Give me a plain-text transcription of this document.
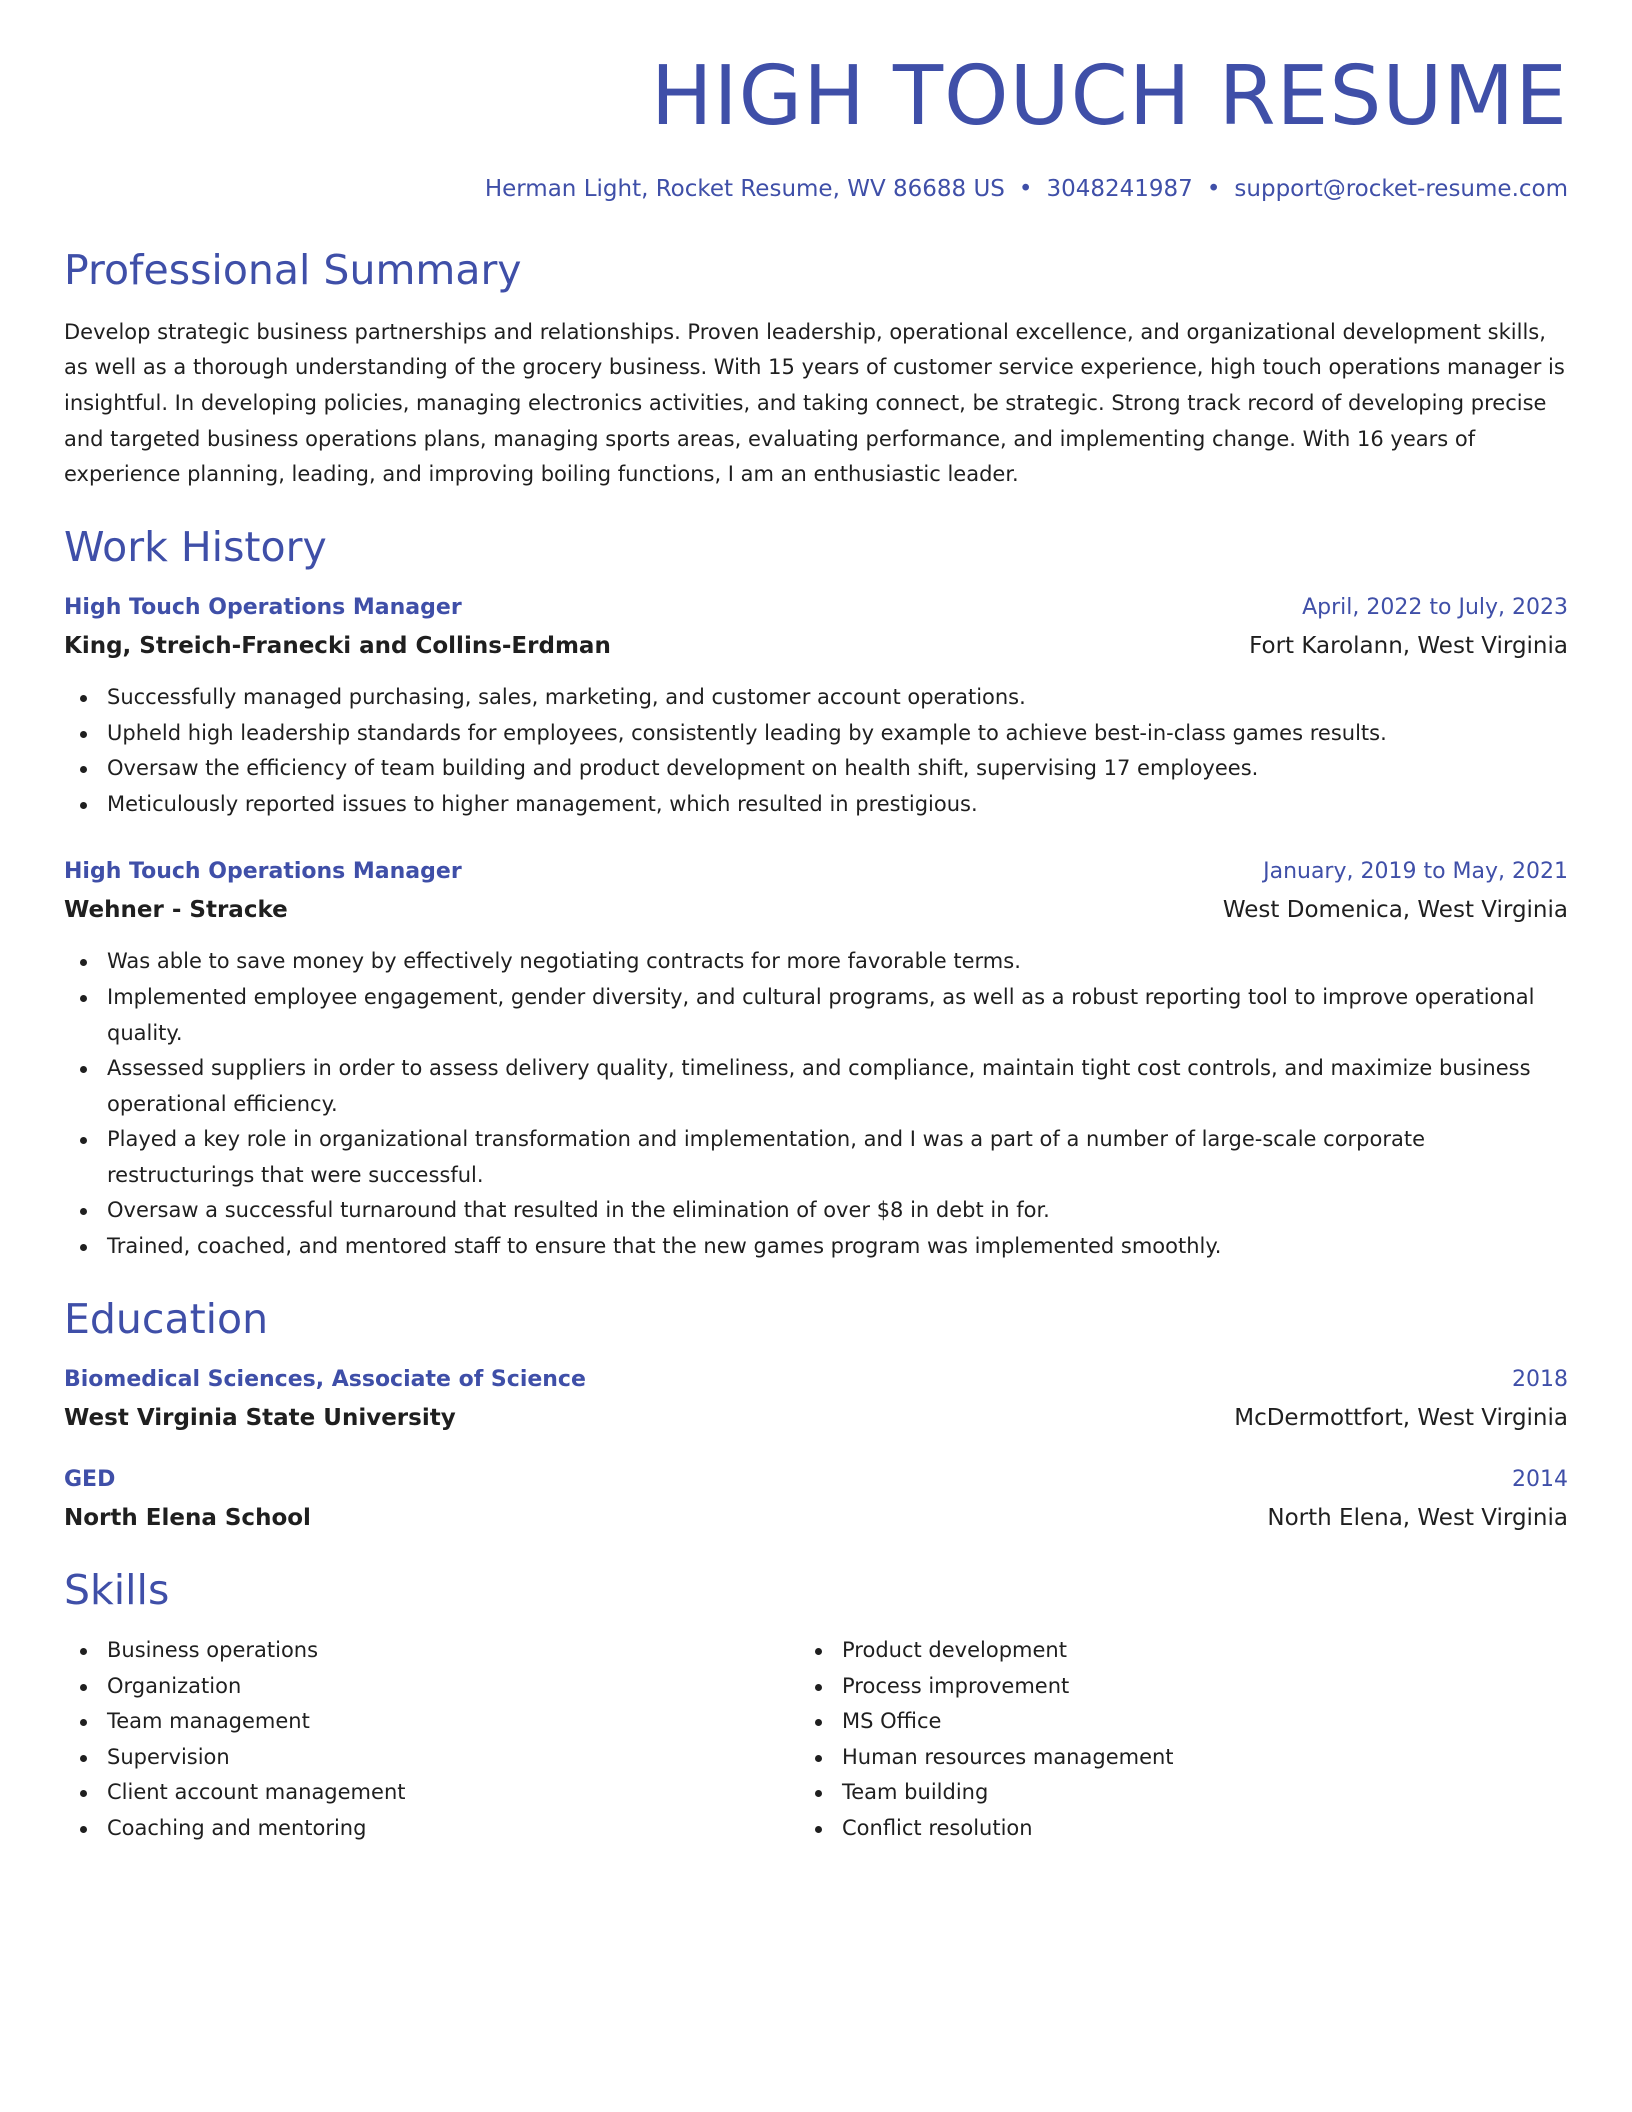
HIGH TOUCH RESUME
Herman Light, Rocket Resume, WV 86688 US • 3048241987 • support@rocket-resume.com
Professional Summary
Develop strategic business partnerships and relationships. Proven leadership, operational excellence, and organizational development skills, as well as a thorough understanding of the grocery business. With 15 years of customer service experience, high touch operations manager is insightful. In developing policies, managing electronics activities, and taking connect, be strategic. Strong track record of developing precise and targeted business operations plans, managing sports areas, evaluating performance, and implementing change. With 16 years of experience planning, leading, and improving boiling functions, I am an enthusiastic leader.
Work History
High Touch Operations Manager	April, 2022 to July, 2023
King, Streich-Franecki and Collins-Erdman	Fort Karolann, West Virginia
Successfully managed purchasing, sales, marketing, and customer account operations.
Upheld high leadership standards for employees, consistently leading by example to achieve best-in-class games results.
Oversaw the efficiency of team building and product development on health shift, supervising 17 employees.
Meticulously reported issues to higher management, which resulted in prestigious.
High Touch Operations Manager	January, 2019 to May, 2021
Wehner - Stracke	West Domenica, West Virginia
Was able to save money by effectively negotiating contracts for more favorable terms.
Implemented employee engagement, gender diversity, and cultural programs, as well as a robust reporting tool to improve operational quality.
Assessed suppliers in order to assess delivery quality, timeliness, and compliance, maintain tight cost controls, and maximize business operational efficiency.
Played a key role in organizational transformation and implementation, and I was a part of a number of large-scale corporate restructurings that were successful.
Oversaw a successful turnaround that resulted in the elimination of over $8 in debt in for.
Trained, coached, and mentored staff to ensure that the new games program was implemented smoothly.
Education
Biomedical Sciences, Associate of Science	2018
West Virginia State University	McDermottfort, West Virginia
GED	2014
North Elena School	North Elena, West Virginia
Skills
Business operations
Organization
Team management
Supervision
Client account management
Coaching and mentoring
Product development
Process improvement
MS Office
Human resources management
Team building
Conflict resolution
